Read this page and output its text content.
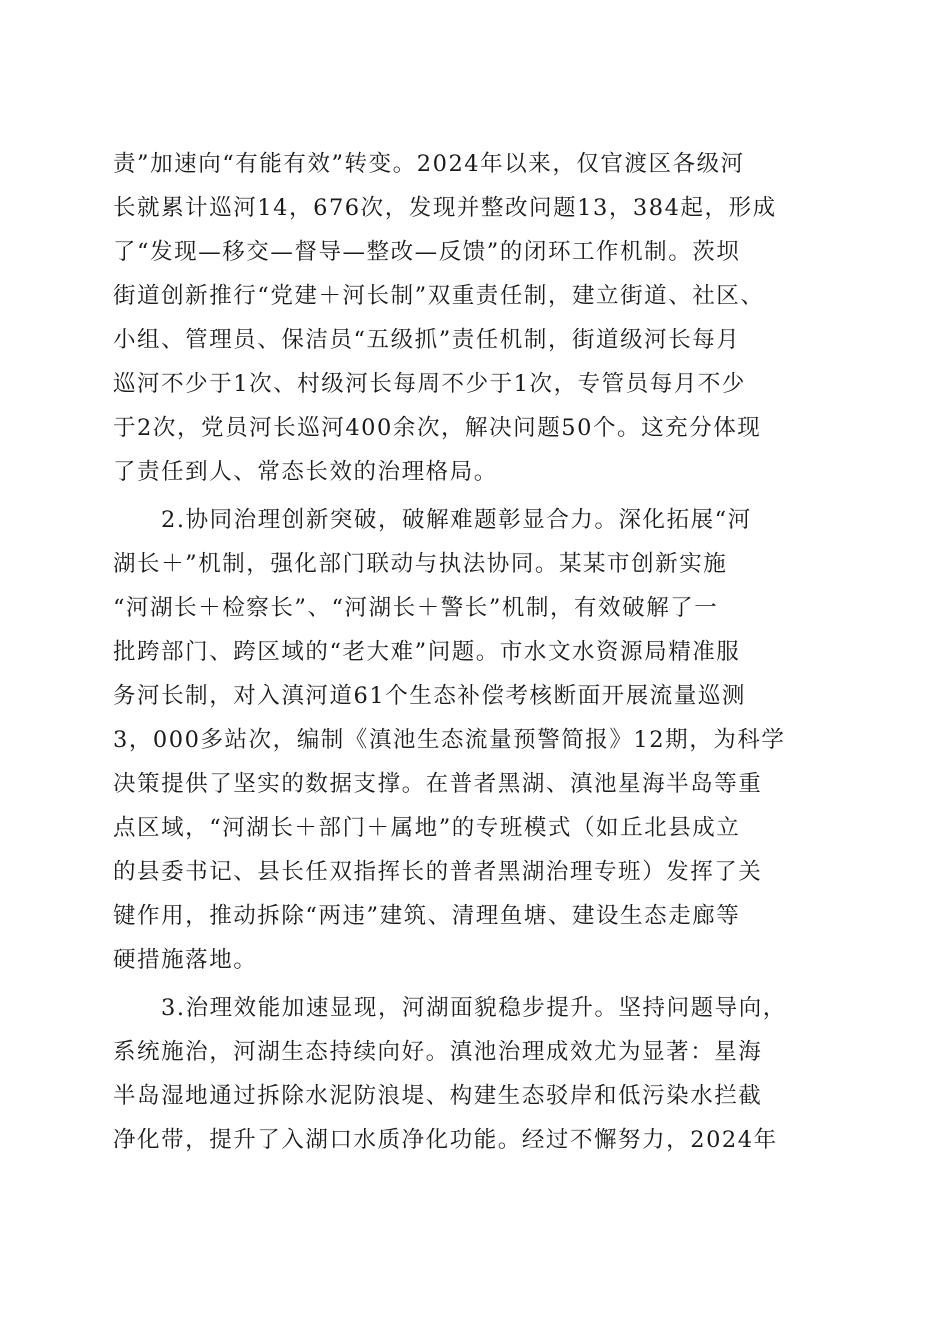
责”加速向“有能有效”转变。2024年以来，仅官渡区各级河
长就累计巡河14，676次，发现并整改问题13，384起，形成
了“发现—移交—督导—整改—反馈”的闭环工作机制。茨坝
街道创新推行“党建＋河长制”双重责任制，建立街道、社区、
小组、管理员、保洁员“五级抓”责任机制，街道级河长每月
巡河不少于1次、村级河长每周不少于1次，专管员每月不少
于2次，党员河长巡河400余次，解决问题50个。这充分体现
了责任到人、常态长效的治理格局。
2.协同治理创新突破，破解难题彰显合力。深化拓展“河
湖长＋”机制，强化部门联动与执法协同。某某市创新实施
“河湖长＋检察长”、“河湖长＋警长”机制，有效破解了一
批跨部门、跨区域的“老大难”问题。市水文水资源局精准服
务河长制，对入滇河道61个生态补偿考核断面开展流量巡测
3，000多站次，编制《滇池生态流量预警简报》12期，为科学
决策提供了坚实的数据支撑。在普者黑湖、滇池星海半岛等重
点区域，“河湖长＋部门＋属地”的专班模式（如丘北县成立
的县委书记、县长任双指挥长的普者黑湖治理专班）发挥了关
键作用，推动拆除“两违”建筑、清理鱼塘、建设生态走廊等
硬措施落地。
3.治理效能加速显现，河湖面貌稳步提升。坚持问题导向，
系统施治，河湖生态持续向好。滇池治理成效尤为显著：星海
半岛湿地通过拆除水泥防浪堤、构建生态驳岸和低污染水拦截
净化带，提升了入湖口水质净化功能。经过不懈努力，2024年
